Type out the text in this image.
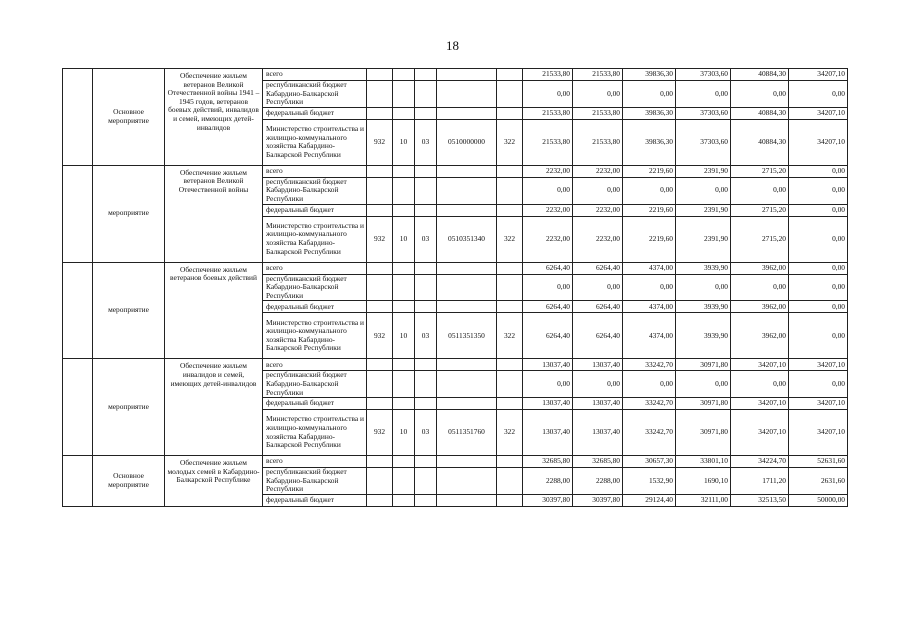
18
	Основное мероприятие	Обеспечение жильем ветеранов Великой Отечественной войны 1941 – 1945 годов, ветеранов боевых действий, инвалидов и семей, имеющих детей-инвалидов	всего						21533,80	21533,80	39836,30	37303,60	40884,30	34207,10
			республиканский бюджет Кабардино-Балкарской Республики						0,00	0,00	0,00	0,00	0,00	0,00
			федеральный бюджет						21533,80	21533,80	39836,30	37303,60	40884,30	34207,10
			Министерство строительства и жилищно-коммунального хозяйства Кабардино-Балкарской Республики	932	10	03	0510000000	322	21533,80	21533,80	39836,30	37303,60	40884,30	34207,10
	мероприятие	Обеспечение жильем ветеранов Великой Отечественной войны	всего						2232,00	2232,00	2219,60	2391,90	2715,20	0,00
			республиканский бюджет Кабардино-Балкарской Республики						0,00	0,00	0,00	0,00	0,00	0,00
			федеральный бюджет						2232,00	2232,00	2219,60	2391,90	2715,20	0,00
			Министерство строительства и жилищно-коммунального хозяйства Кабардино-Балкарской Республики	932	10	03	0510351340	322	2232,00	2232,00	2219,60	2391,90	2715,20	0,00
	мероприятие	Обеспечение жильем ветеранов боевых действий	всего						6264,40	6264,40	4374,00	3939,90	3962,00	0,00
			республиканский бюджет Кабардино-Балкарской Республики						0,00	0,00	0,00	0,00	0,00	0,00
			федеральный бюджет						6264,40	6264,40	4374,00	3939,90	3962,00	0,00
			Министерство строительства и жилищно-коммунального хозяйства Кабардино-Балкарской Республики	932	10	03	0511351350	322	6264,40	6264,40	4374,00	3939,90	3962,00	0,00
	мероприятие	Обеспечение жильем инвалидов и семей, имеющих детей-инвалидов	всего						13037,40	13037,40	33242,70	30971,80	34207,10	34207,10
			республиканский бюджет Кабардино-Балкарской Республики						0,00	0,00	0,00	0,00	0,00	0,00
			федеральный бюджет						13037,40	13037,40	33242,70	30971,80	34207,10	34207,10
			Министерство строительства и жилищно-коммунального хозяйства Кабардино-Балкарской Республики	932	10	03	0511351760	322	13037,40	13037,40	33242,70	30971,80	34207,10	34207,10
	Основное мероприятие	Обеспечение жильем молодых семей в Кабардино-Балкарской Республике	всего						32685,80	32685,80	30657,30	33801,10	34224,70	52631,60
			республиканский бюджет Кабардино-Балкарской Республики						2288,00	2288,00	1532,90	1690,10	1711,20	2631,60
			федеральный бюджет						30397,80	30397,80	29124,40	32111,00	32513,50	50000,00
